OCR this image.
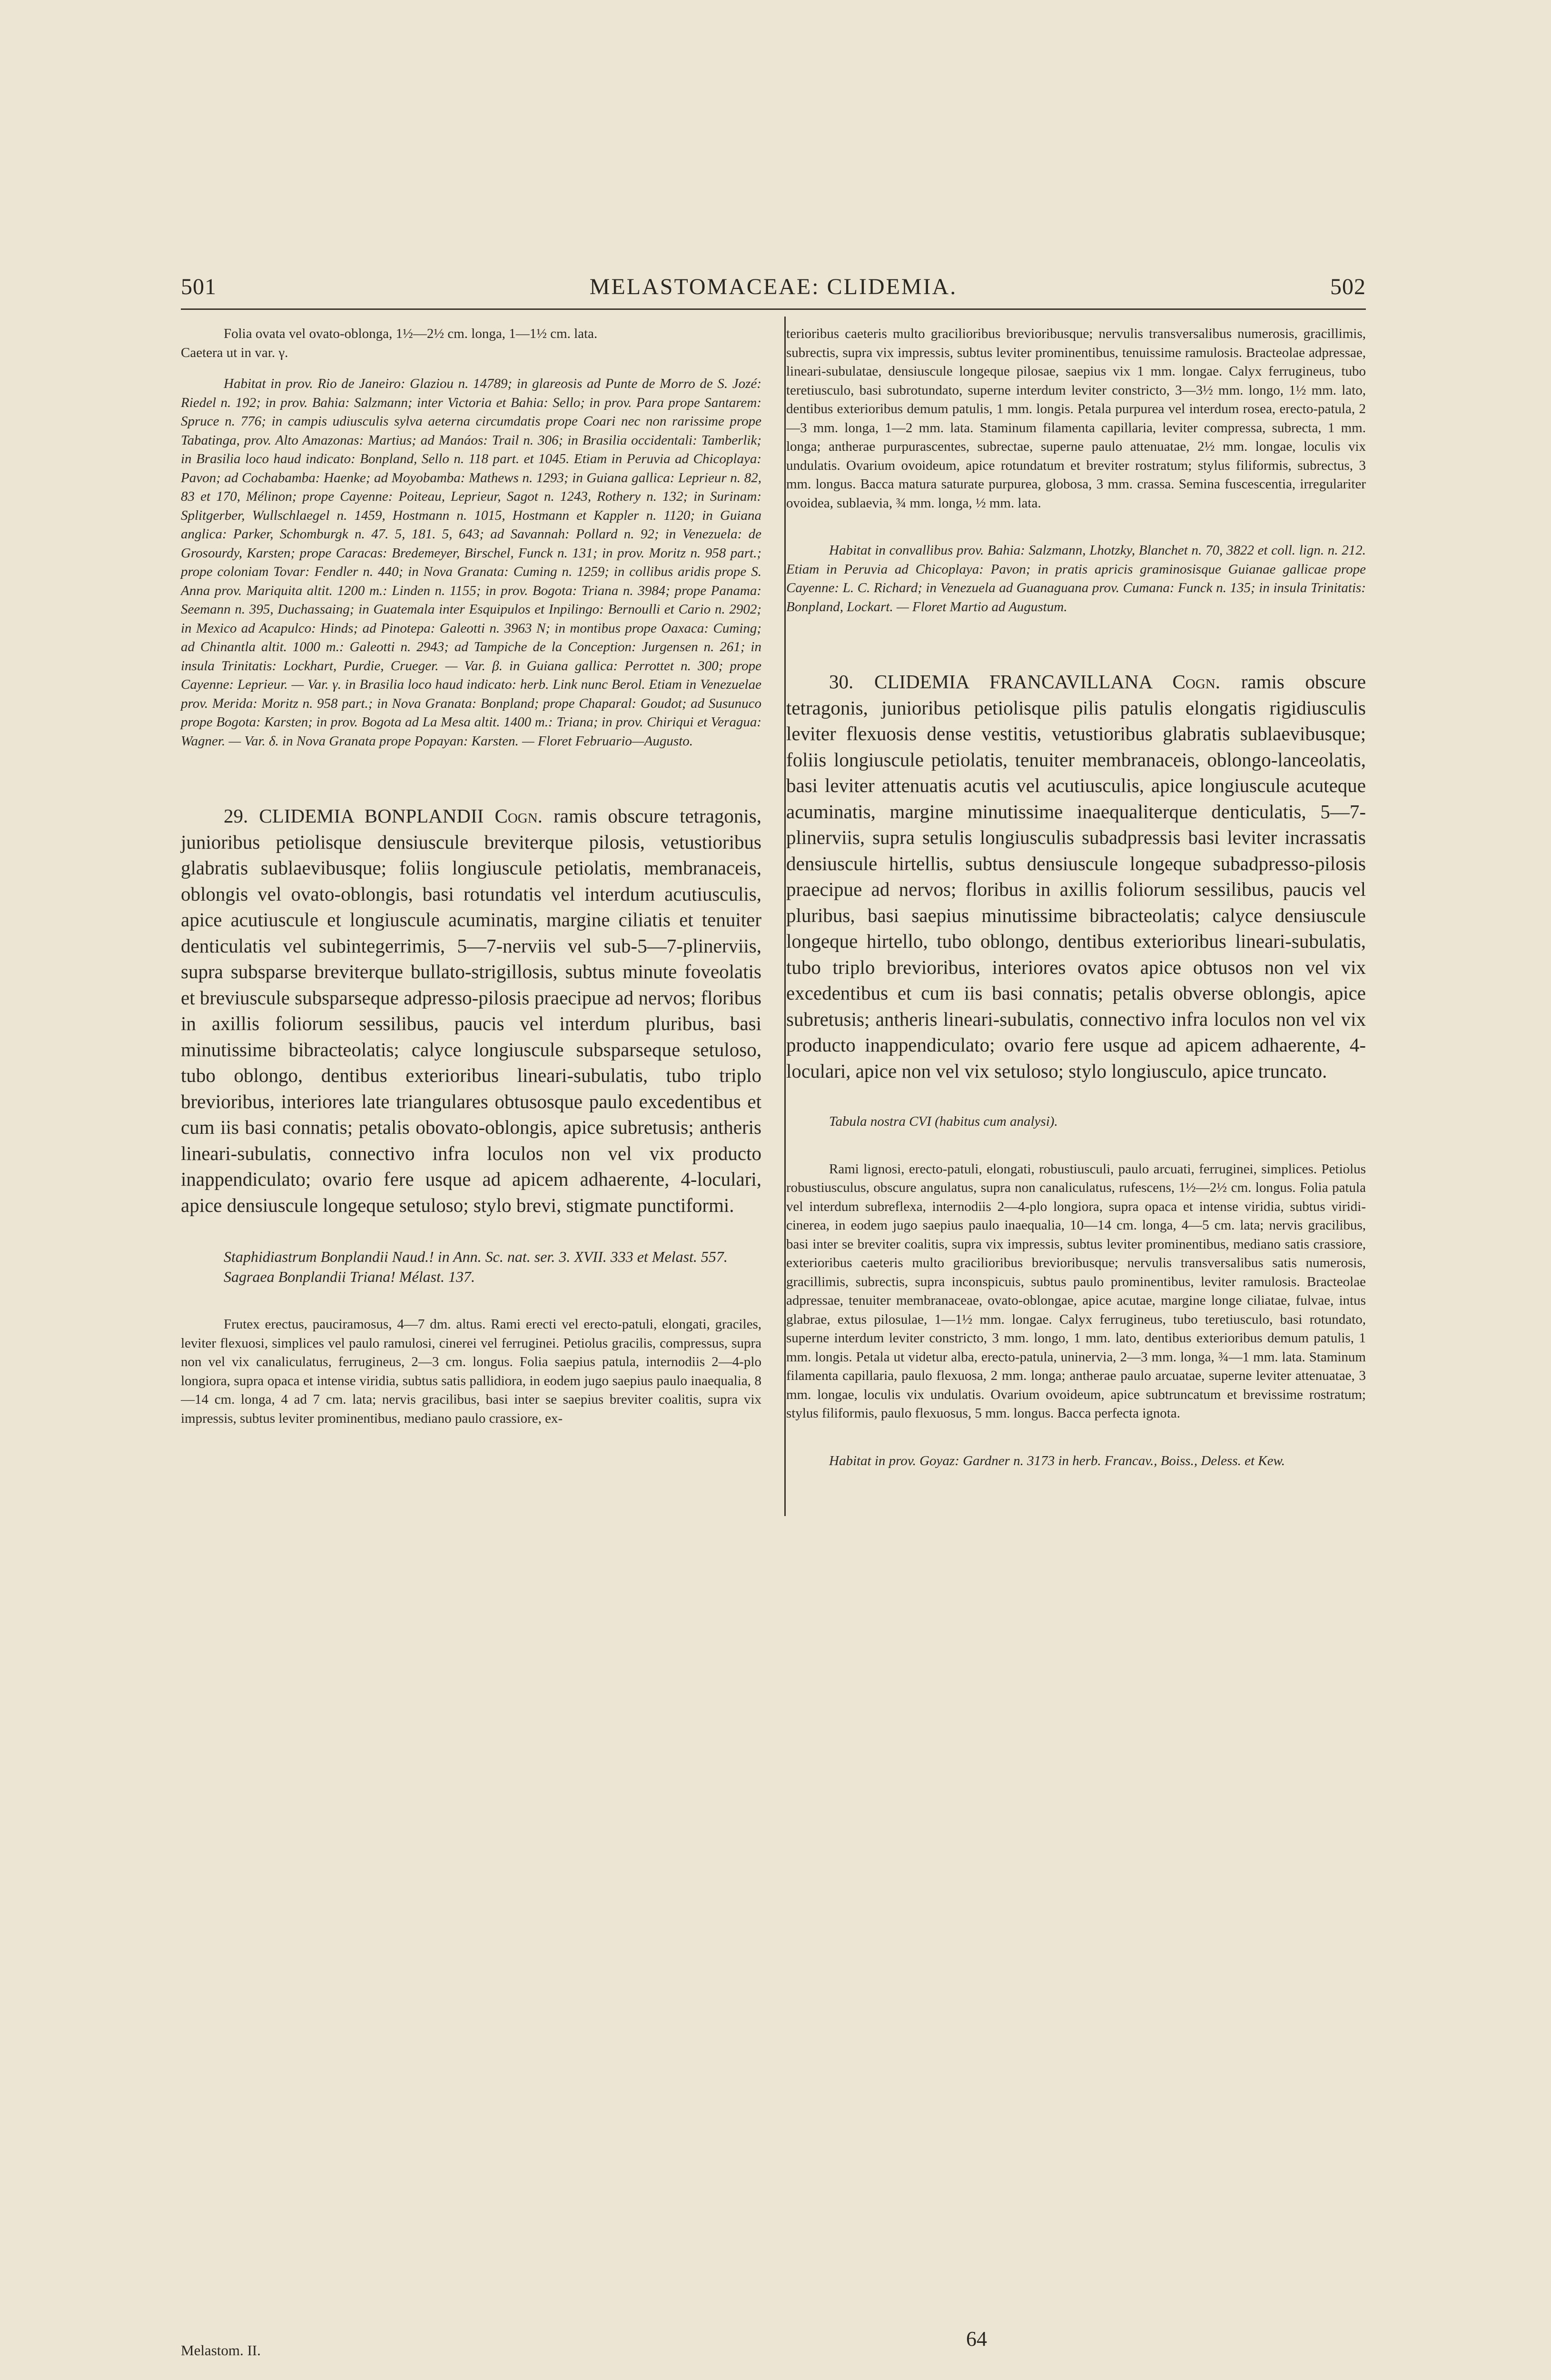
501	MELASTOMACEAE: CLIDEMIA.	502

Folia ovata vel ovato-oblonga, 1½—2½ cm. longa, 1—1½ cm. lata.

Caetera ut in var. γ.

Habitat in prov. Rio de Janeiro: Glaziou n. 14789; in glareosis ad Punte de Morro de S. Jozé: Riedel n. 192; in prov. Bahia: Salzmann; inter Victoria et Bahia: Sello; in prov. Para prope Santarem: Spruce n. 776; in campis udiusculis sylva aeterna circumdatis prope Coari nec non rarissime prope Tabatinga, prov. Alto Amazonas: Martius; ad Manáos: Trail n. 306; in Brasilia occidentali: Tamberlik; in Brasilia loco haud indicato: Bonpland, Sello n. 118 part. et 1045. Etiam in Peruvia ad Chicoplaya: Pavon; ad Cochabamba: Haenke; ad Moyobamba: Mathews n. 1293; in Guiana gallica: Leprieur n. 82, 83 et 170, Mélinon; prope Cayenne: Poiteau, Leprieur, Sagot n. 1243, Rothery n. 132; in Surinam: Splitgerber, Wullschlaegel n. 1459, Hostmann n. 1015, Hostmann et Kappler n. 1120; in Guiana anglica: Parker, Schomburgk n. 47. 5, 181. 5, 643; ad Savannah: Pollard n. 92; in Venezuela: de Grosourdy, Karsten; prope Caracas: Bredemeyer, Birschel, Funck n. 131; in prov. Moritz n. 958 part.; prope coloniam Tovar: Fendler n. 440; in Nova Granata: Cuming n. 1259; in collibus aridis prope S. Anna prov. Mariquita altit. 1200 m.: Linden n. 1155; in prov. Bogota: Triana n. 3984; prope Panama: Seemann n. 395, Duchassaing; in Guatemala inter Esquipulos et Inpilingo: Bernoulli et Cario n. 2902; in Mexico ad Acapulco: Hinds; ad Pinotepa: Galeotti n. 3963 N; in montibus prope Oaxaca: Cuming; ad Chinantla altit. 1000 m.: Galeotti n. 2943; ad Tampiche de la Conception: Jurgensen n. 261; in insula Trinitatis: Lockhart, Purdie, Crueger. — Var. β. in Guiana gallica: Perrottet n. 300; prope Cayenne: Leprieur. — Var. γ. in Brasilia loco haud indicato: herb. Link nunc Berol. Etiam in Venezuelae prov. Merida: Moritz n. 958 part.; in Nova Granata: Bonpland; prope Chaparal: Goudot; ad Susunuco prope Bogota: Karsten; in prov. Bogota ad La Mesa altit. 1400 m.: Triana; in prov. Chiriqui et Veragua: Wagner. — Var. δ. in Nova Granata prope Popayan: Karsten. — Floret Februario—Augusto.

29. CLIDEMIA BONPLANDII Cogn. ramis obscure tetragonis, junioribus petiolisque densiuscule breviterque pilosis, vetustioribus glabratis sublaevibusque; foliis longiuscule petiolatis, membranaceis, oblongis vel ovato-oblongis, basi rotundatis vel interdum acutiusculis, apice acutiuscule et longiuscule acuminatis, margine ciliatis et tenuiter denticulatis vel subintegerrimis, 5—7-nerviis vel sub-5—7-plinerviis, supra subsparse breviterque bullato-strigillosis, subtus minute foveolatis et breviuscule subsparseque adpresso-pilosis praecipue ad nervos; floribus in axillis foliorum sessilibus, paucis vel interdum pluribus, basi minutissime bibracteolatis; calyce longiuscule subsparseque setuloso, tubo oblongo, dentibus exterioribus lineari-subulatis, tubo triplo brevioribus, interiores late triangulares obtusosque paulo excedentibus et cum iis basi connatis; petalis obovato-oblongis, apice subretusis; antheris lineari-subulatis, connectivo infra loculos non vel vix producto inappendiculato; ovario fere usque ad apicem adhaerente, 4-loculari, apice densiuscule longeque setuloso; stylo brevi, stigmate punctiformi.

Staphidiastrum Bonplandii Naud.! in Ann. Sc. nat. ser. 3. XVII. 333 et Melast. 557.

Sagraea Bonplandii Triana! Mélast. 137.

Frutex erectus, pauciramosus, 4—7 dm. altus. Rami erecti vel erecto-patuli, elongati, graciles, leviter flexuosi, simplices vel paulo ramulosi, cinerei vel ferruginei. Petiolus gracilis, compressus, supra non vel vix canaliculatus, ferrugineus, 2—3 cm. longus. Folia saepius patula, internodiis 2—4-plo longiora, supra opaca et intense viridia, subtus satis pallidiora, in eodem jugo saepius paulo inaequalia, 8—14 cm. longa, 4 ad 7 cm. lata; nervis gracilibus, basi inter se saepius breviter coalitis, supra vix impressis, subtus leviter prominentibus, mediano paulo crassiore, ex-

terioribus caeteris multo gracilioribus brevioribusque; nervulis transversalibus numerosis, gracillimis, subrectis, supra vix impressis, subtus leviter prominentibus, tenuissime ramulosis. Bracteolae adpressae, lineari-subulatae, densiuscule longeque pilosae, saepius vix 1 mm. longae. Calyx ferrugineus, tubo teretiusculo, basi subrotundato, superne interdum leviter constricto, 3—3½ mm. longo, 1½ mm. lato, dentibus exterioribus demum patulis, 1 mm. longis. Petala purpurea vel interdum rosea, erecto-patula, 2—3 mm. longa, 1—2 mm. lata. Staminum filamenta capillaria, leviter compressa, subrecta, 1 mm. longa; antherae purpurascentes, subrectae, superne paulo attenuatae, 2½ mm. longae, loculis vix undulatis. Ovarium ovoideum, apice rotundatum et breviter rostratum; stylus filiformis, subrectus, 3 mm. longus. Bacca matura saturate purpurea, globosa, 3 mm. crassa. Semina fuscescentia, irregulariter ovoidea, sublaevia, ¾ mm. longa, ½ mm. lata.

Habitat in convallibus prov. Bahia: Salzmann, Lhotzky, Blanchet n. 70, 3822 et coll. lign. n. 212. Etiam in Peruvia ad Chicoplaya: Pavon; in pratis apricis graminosisque Guianae gallicae prope Cayenne: L. C. Richard; in Venezuela ad Guanaguana prov. Cumana: Funck n. 135; in insula Trinitatis: Bonpland, Lockart. — Floret Martio ad Augustum.

30. CLIDEMIA FRANCAVILLANA Cogn. ramis obscure tetragonis, junioribus petiolisque pilis patulis elongatis rigidiusculis leviter flexuosis dense vestitis, vetustioribus glabratis sublaevibusque; foliis longiuscule petiolatis, tenuiter membranaceis, oblongo-lanceolatis, basi leviter attenuatis acutis vel acutiusculis, apice longiuscule acuteque acuminatis, margine minutissime inaequaliterque denticulatis, 5—7-plinerviis, supra setulis longiusculis subadpressis basi leviter incrassatis densiuscule hirtellis, subtus densiuscule longeque subadpresso-pilosis praecipue ad nervos; floribus in axillis foliorum sessilibus, paucis vel pluribus, basi saepius minutissime bibracteolatis; calyce densiuscule longeque hirtello, tubo oblongo, dentibus exterioribus lineari-subulatis, tubo triplo brevioribus, interiores ovatos apice obtusos non vel vix excedentibus et cum iis basi connatis; petalis obverse oblongis, apice subretusis; antheris lineari-subulatis, connectivo infra loculos non vel vix producto inappendiculato; ovario fere usque ad apicem adhaerente, 4-loculari, apice non vel vix setuloso; stylo longiusculo, apice truncato.

Tabula nostra CVI (habitus cum analysi).

Rami lignosi, erecto-patuli, elongati, robustiusculi, paulo arcuati, ferruginei, simplices. Petiolus robustiusculus, obscure angulatus, supra non canaliculatus, rufescens, 1½—2½ cm. longus. Folia patula vel interdum subreflexa, internodiis 2—4-plo longiora, supra opaca et intense viridia, subtus viridi-cinerea, in eodem jugo saepius paulo inaequalia, 10—14 cm. longa, 4—5 cm. lata; nervis gracilibus, basi inter se breviter coalitis, supra vix impressis, subtus leviter prominentibus, mediano satis crassiore, exterioribus caeteris multo gracilioribus brevioribusque; nervulis transversalibus satis numerosis, gracillimis, subrectis, supra inconspicuis, subtus paulo prominentibus, leviter ramulosis. Bracteolae adpressae, tenuiter membranaceae, ovato-oblongae, apice acutae, margine longe ciliatae, fulvae, intus glabrae, extus pilosulae, 1—1½ mm. longae. Calyx ferrugineus, tubo teretiusculo, basi rotundato, superne interdum leviter constricto, 3 mm. longo, 1 mm. lato, dentibus exterioribus demum patulis, 1 mm. longis. Petala ut videtur alba, erecto-patula, uninervia, 2—3 mm. longa, ¾—1 mm. lata. Staminum filamenta capillaria, paulo flexuosa, 2 mm. longa; antherae paulo arcuatae, superne leviter attenuatae, 3 mm. longae, loculis vix undulatis. Ovarium ovoideum, apice subtruncatum et brevissime rostratum; stylus filiformis, paulo flexuosus, 5 mm. longus. Bacca perfecta ignota.

Habitat in prov. Goyaz: Gardner n. 3173 in herb. Francav., Boiss., Deless. et Kew.

Melastom. II.	64
